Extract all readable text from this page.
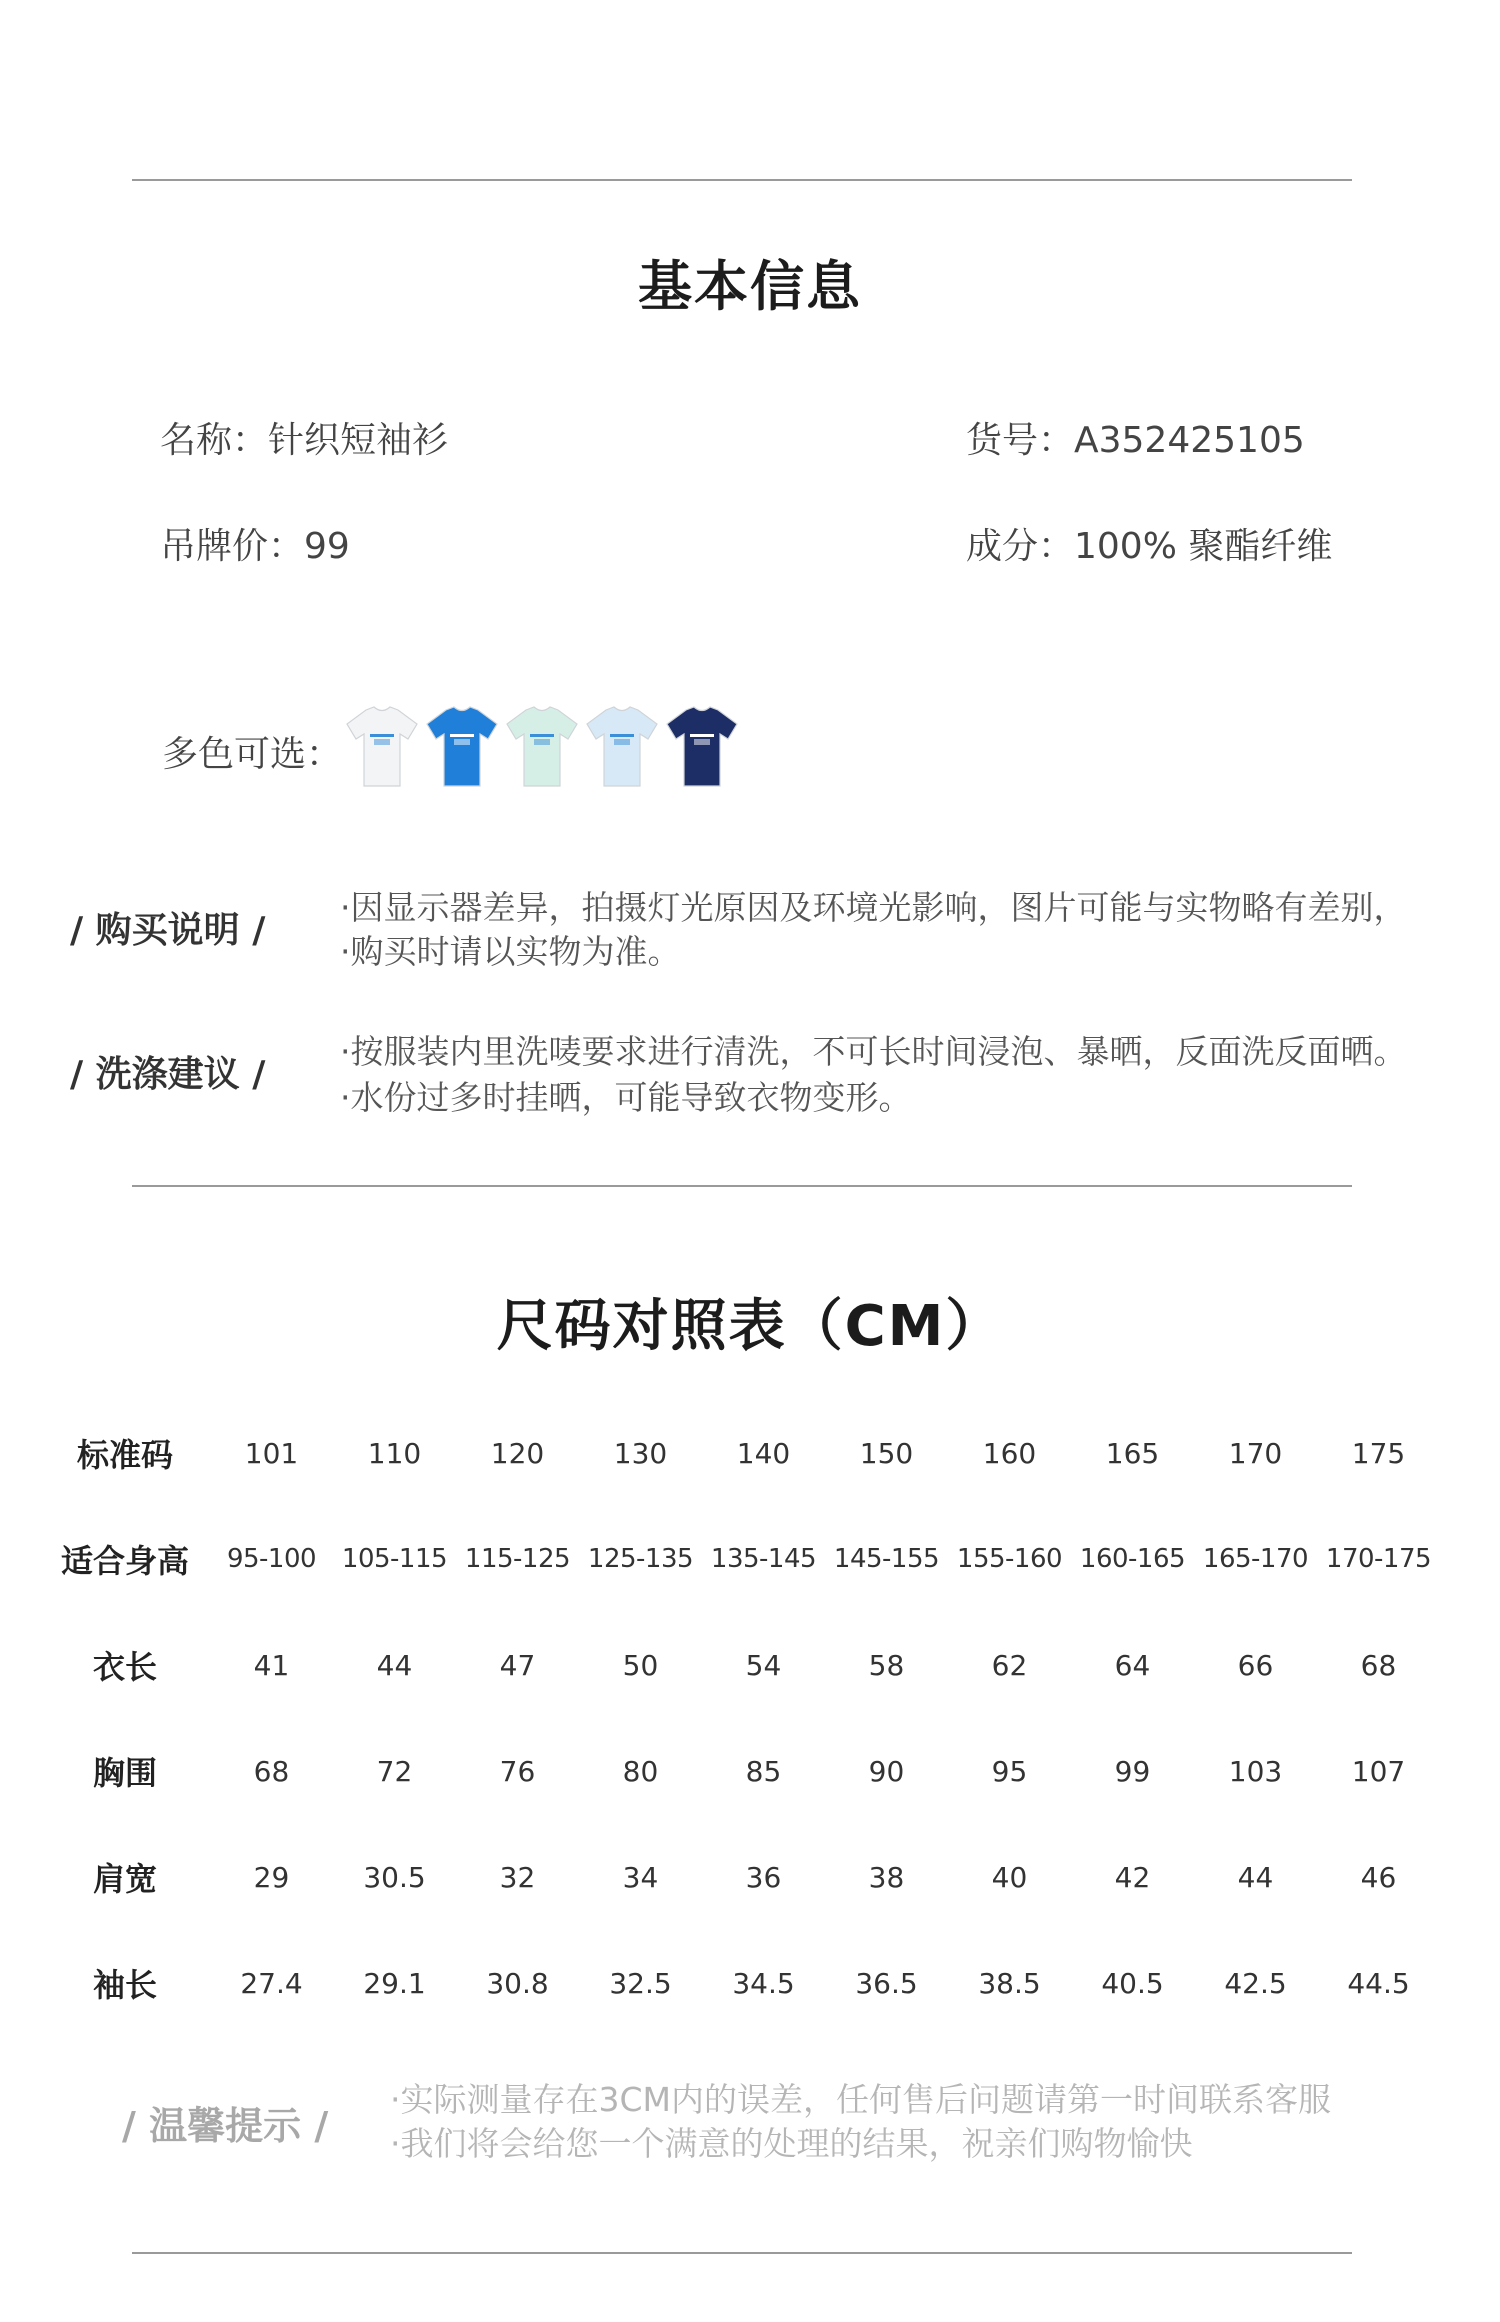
基本信息
名称：针织短袖衫	货号：A352425105
吊牌价：99	成分：100% 聚酯纤维
多色可选：
/ 购买说明 /
·因显示器差异，拍摄灯光原因及环境光影响，图片可能与实物略有差别，
·购买时请以实物为准。
/ 洗涤建议 /
·按服装内里洗唛要求进行清洗，不可长时间浸泡、暴晒，反面洗反面晒。
·水份过多时挂晒，可能导致衣物变形。
尺码对照表（CM）
标准码	101	110	120	130	140	150	160	165	170	175
适合身高	95-100	105-115	115-125	125-135	135-145	145-155	155-160	160-165	165-170	170-175
衣长	41	44	47	50	54	58	62	64	66	68
胸围	68	72	76	80	85	90	95	99	103	107
肩宽	29	30.5	32	34	36	38	40	42	44	46
袖长	27.4	29.1	30.8	32.5	34.5	36.5	38.5	40.5	42.5	44.5
/ 温馨提示 /
·实际测量存在3CM内的误差，任何售后问题请第一时间联系客服
·我们将会给您一个满意的处理的结果，祝亲们购物愉快
